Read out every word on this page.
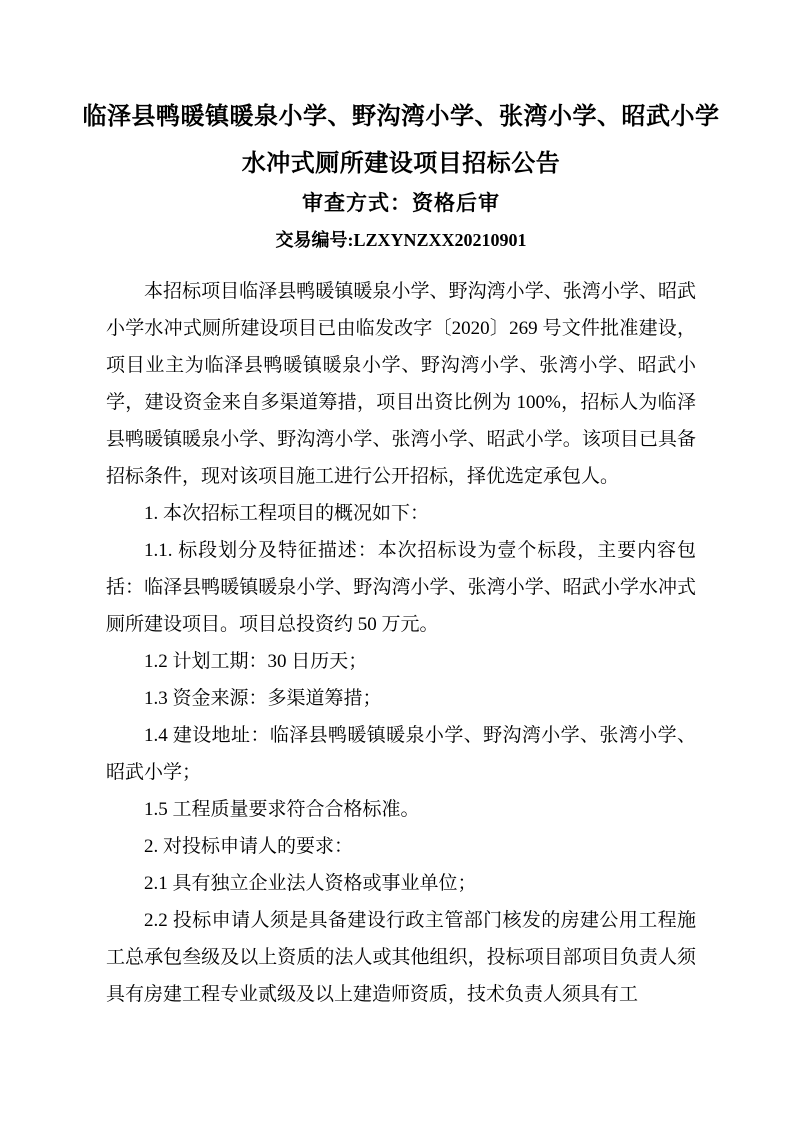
临泽县鸭暖镇暖泉小学、野沟湾小学、张湾小学、昭武小学
水冲式厕所建设项目招标公告
审查方式：资格后审
交易编号:LZXYNZXX20210901

本招标项目临泽县鸭暖镇暖泉小学、野沟湾小学、张湾小学、昭武小学水冲式厕所建设项目已由临发改字〔2020〕269 号文件批准建设，项目业主为临泽县鸭暖镇暖泉小学、野沟湾小学、张湾小学、昭武小学，建设资金来自多渠道筹措，项目出资比例为 100%，招标人为临泽县鸭暖镇暖泉小学、野沟湾小学、张湾小学、昭武小学。该项目已具备招标条件，现对该项目施工进行公开招标，择优选定承包人。

1. 本次招标工程项目的概况如下：

1.1. 标段划分及特征描述：本次招标设为壹个标段，主要内容包括：临泽县鸭暖镇暖泉小学、野沟湾小学、张湾小学、昭武小学水冲式厕所建设项目。项目总投资约 50 万元。

1.2 计划工期：30 日历天；

1.3 资金来源：多渠道筹措；

1.4 建设地址：临泽县鸭暖镇暖泉小学、野沟湾小学、张湾小学、昭武小学；

1.5 工程质量要求符合合格标准。

2. 对投标申请人的要求：

2.1 具有独立企业法人资格或事业单位；

2.2 投标申请人须是具备建设行政主管部门核发的房建公用工程施工总承包叁级及以上资质的法人或其他组织，投标项目部项目负责人须具有房建工程专业贰级及以上建造师资质，技术负责人须具有工
